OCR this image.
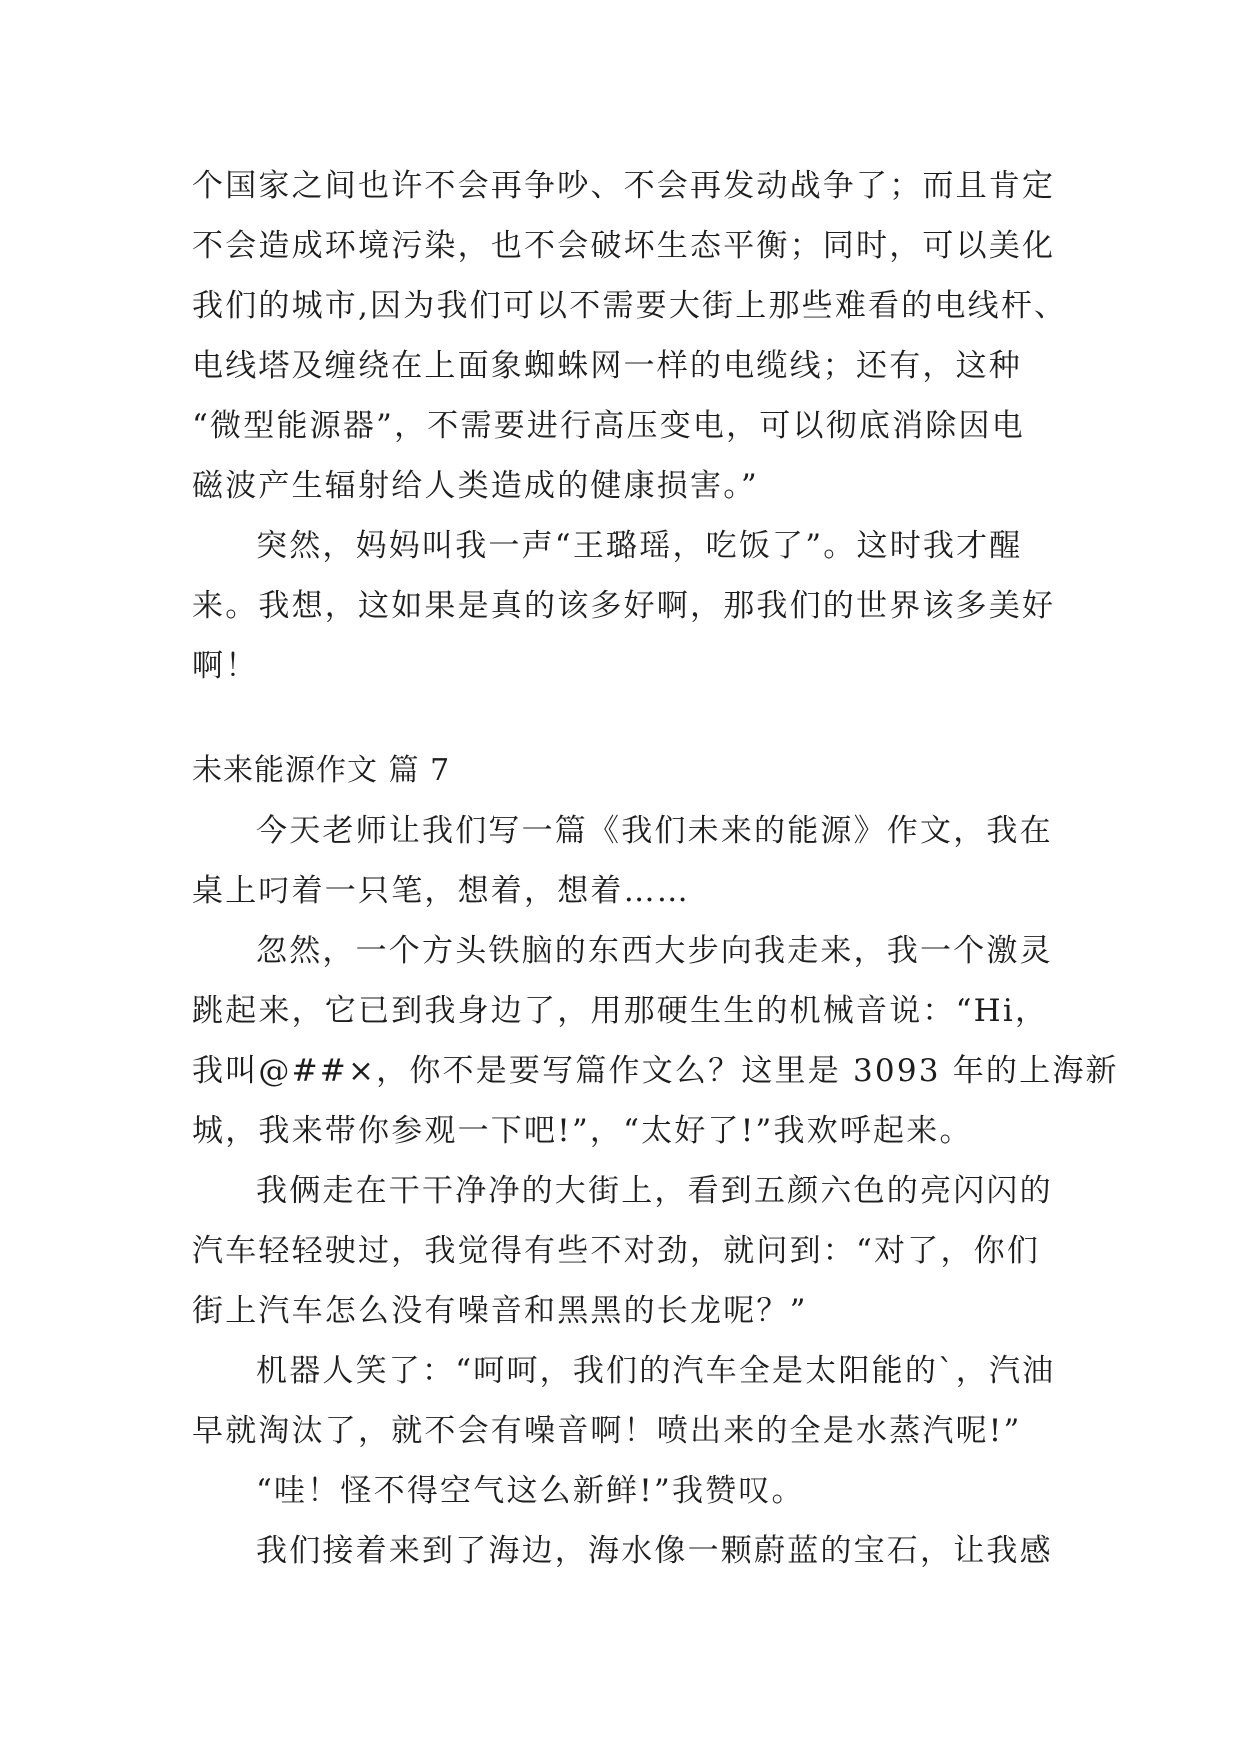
个国家之间也许不会再争吵、不会再发动战争了；而且肯定
不会造成环境污染，也不会破坏生态平衡；同时，可以美化
我们的城市,因为我们可以不需要大街上那些难看的电线杆、
电线塔及缠绕在上面象蜘蛛网一样的电缆线；还有，这种
“微型能源器”，不需要进行高压变电，可以彻底消除因电
磁波产生辐射给人类造成的健康损害。”
突然，妈妈叫我一声“王璐瑶，吃饭了”。这时我才醒
来。我想，这如果是真的该多好啊，那我们的世界该多美好
啊！
未来能源作文 篇 7
今天老师让我们写一篇《我们未来的能源》作文，我在
桌上叼着一只笔，想着，想着……
忽然，一个方头铁脑的东西大步向我走来，我一个激灵
跳起来，它已到我身边了，用那硬生生的机械音说：“Hi，
我叫@##×，你不是要写篇作文么？这里是 3093 年的上海新
城，我来带你参观一下吧!”，“太好了!”我欢呼起来。
我俩走在干干净净的大街上，看到五颜六色的亮闪闪的
汽车轻轻驶过，我觉得有些不对劲，就问到：“对了，你们
街上汽车怎么没有噪音和黑黑的长龙呢？”
机器人笑了：“呵呵，我们的汽车全是太阳能的`，汽油
早就淘汰了，就不会有噪音啊！喷出来的全是水蒸汽呢!”
“哇！怪不得空气这么新鲜!”我赞叹。
我们接着来到了海边，海水像一颗蔚蓝的宝石，让我感
